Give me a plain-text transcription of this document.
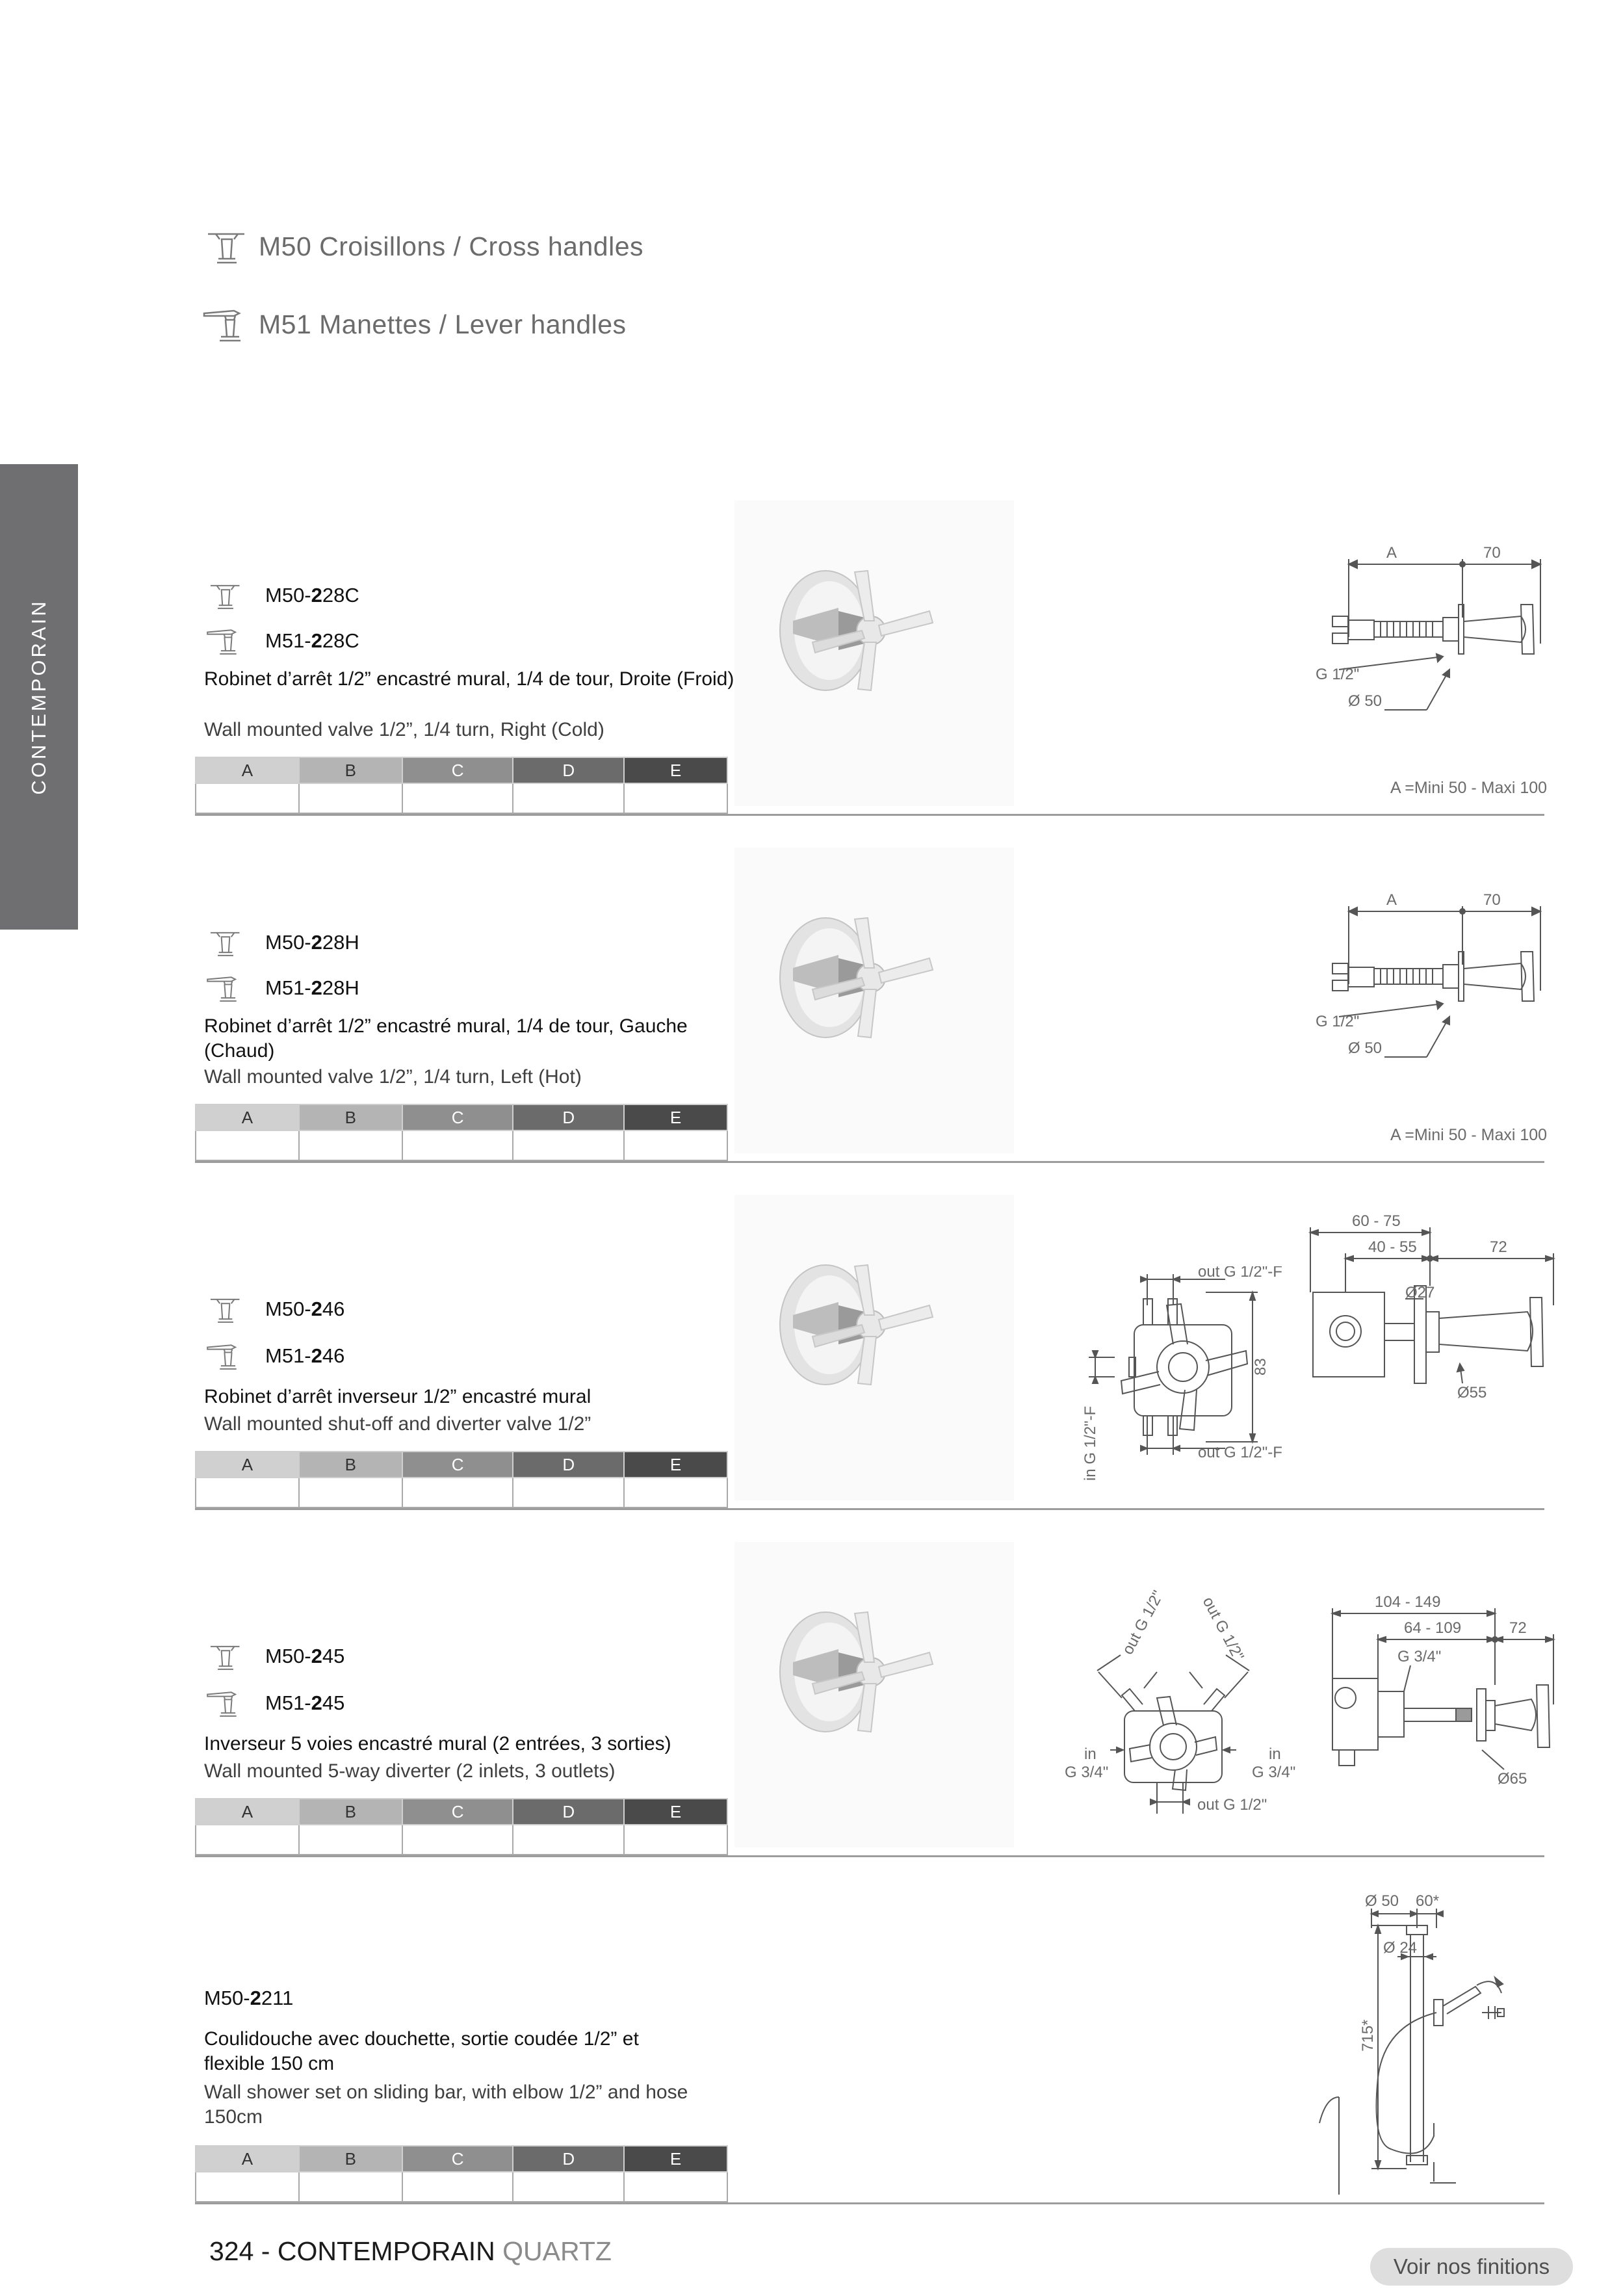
M50 Croisillons / Cross handles
M51 Manettes / Lever handles
CONTEMPORAIN
M50-228C
M51-228C
Robinet d’arrêt 1/2” encastré mural, 1/4 de tour, Droite (Froid)
Wall mounted valve 1/2”, 1/4 turn, Right (Cold)
A	B	C	D	E

A	70
G 1/2"
Ø 50
A =Mini 50 - Maxi 100
M50-228H
M51-228H
Robinet d’arrêt 1/2” encastré mural, 1/4 de tour, Gauche (Chaud)
Wall mounted valve 1/2”, 1/4 turn, Left (Hot)
A	B	C	D	E

A	70
G 1/2"
Ø 50
A =Mini 50 - Maxi 100
M50-246
M51-246
Robinet d’arrêt inverseur 1/2” encastré mural
Wall mounted shut-off and diverter valve 1/2”
A	B	C	D	E

out G 1/2"-F
out G 1/2"-F
83
in G 1/2"-F
60 - 75
40 - 55	72
Ø27
Ø55
M50-245
M51-245
Inverseur 5 voies encastré mural (2 entrées, 3 sorties)
Wall mounted 5-way diverter (2 inlets, 3 outlets)
A	B	C	D	E

out G 1/2" out G 1/2"
in
G 3/4"
in
G 3/4"
out G 1/2"
104 - 149
64 - 109	72
G 3/4"
Ø65
M50-2211
Coulidouche avec douchette, sortie coudée 1/2” et flexible 150 cm
Wall shower set on sliding bar, with elbow 1/2” and hose 150cm
A	B	C	D	E

Ø 50 60*
Ø 24
715*
324 - CONTEMPORAIN QUARTZ
Voir nos finitions
